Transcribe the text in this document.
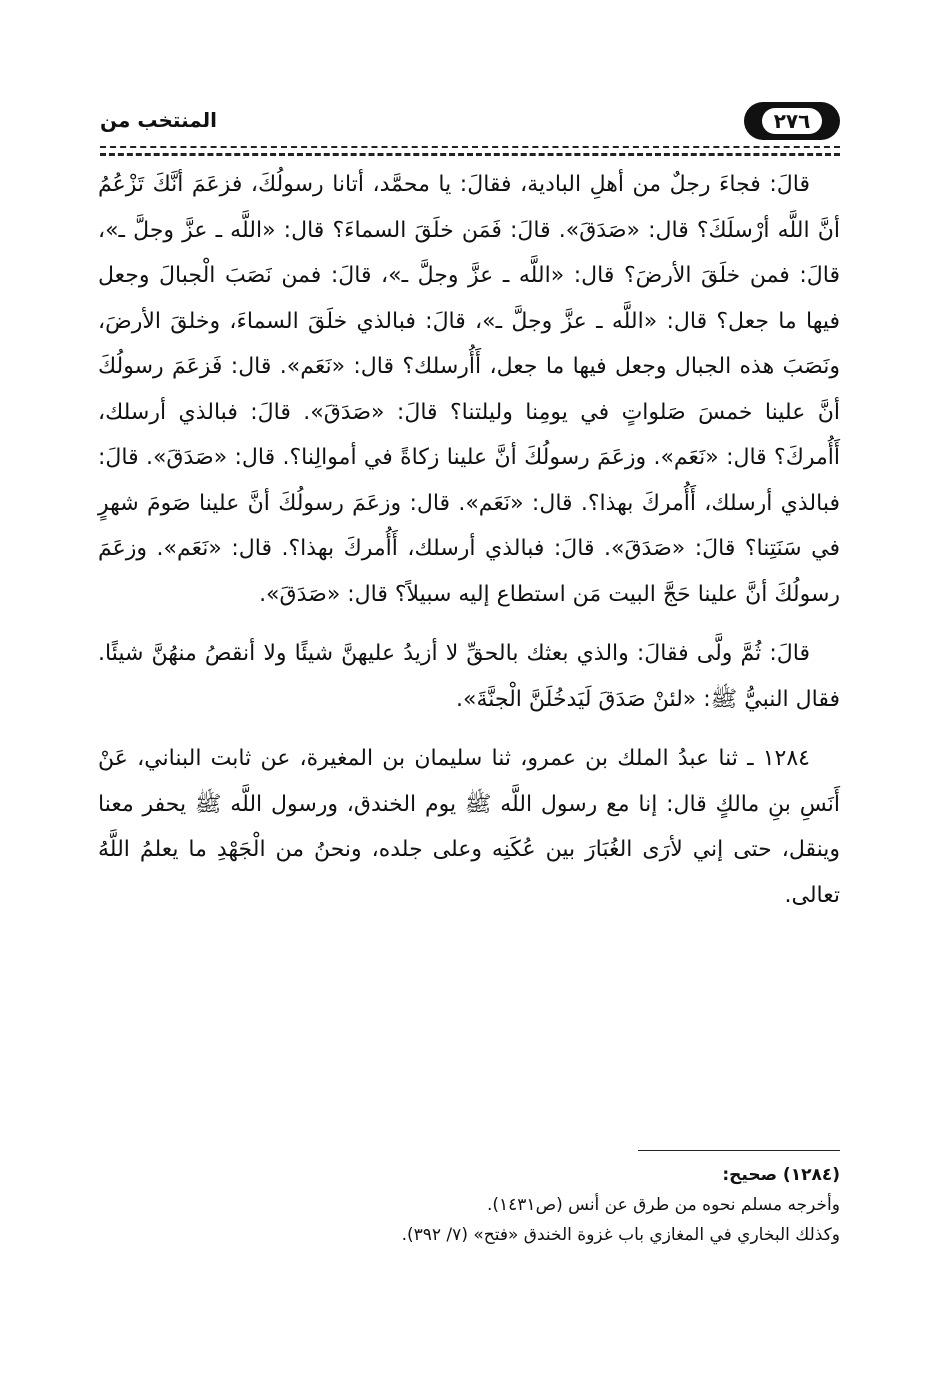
٢٧٦
المنتخب من

قالَ: فجاءَ رجلٌ من أهلِ البادية، فقالَ: يا محمَّد، أتانا رسولُكَ، فزعَمَ أنَّكَ تَزْعُمُ أنَّ اللَّه أرْسلَكَ؟ قال: «صَدَقَ». قالَ: فَمَن خلَقَ السماءَ؟ قال: «اللَّه ـ عزَّ وجلَّ ـ»، قالَ: فمن خلَقَ الأرضَ؟ قال: «اللَّه ـ عزَّ وجلَّ ـ»، قالَ: فمن نَصَبَ الْجبالَ وجعل فيها ما جعل؟ قال: «اللَّه ـ عزَّ وجلَّ ـ»، قالَ: فبالذي خلَقَ السماءَ، وخلقَ الأرضَ، ونَصَبَ هذه الجبال وجعل فيها ما جعل، أَأُرسلك؟ قال: «نَعَم». قال: فَزعَمَ رسولُكَ أنَّ علينا خمسَ صَلواتٍ في يومِنا وليلتنا؟ قالَ: «صَدَقَ». قالَ: فبالذي أرسلك، أَأُمركَ؟ قال: «نَعَم». وزعَمَ رسولُكَ أنَّ علينا زكاةً في أموالِنا؟. قال: «صَدَقَ». قالَ: فبالذي أرسلك، أَأُمركَ بهذا؟. قال: «نَعَم». قال: وزعَمَ رسولُكَ أنَّ علينا صَومَ شهرٍ في سَنَتِنا؟ قالَ: «صَدَقَ». قالَ: فبالذي أرسلك، أَأُمركَ بهذا؟. قال: «نَعَم». وزعَمَ رسولُكَ أنَّ علينا حَجَّ البيت مَن استطاع إليه سبيلاً؟ قال: «صَدَقَ».

قالَ: ثُمَّ ولَّى فقالَ: والذي بعثك بالحقِّ لا أزيدُ عليهنَّ شيئًا ولا أنقصُ منهُنَّ شيئًا. فقال النبيُّ ﷺ: «لئنْ صَدَقَ لَيَدخُلَنَّ الْجنَّةَ».

١٢٨٤ ـ ثنا عبدُ الملك بن عمرو، ثنا سليمان بن المغيرة، عن ثابت البناني، عَنْ أَنَسِ بنِ مالكٍ قال: إنا مع رسول اللَّه ﷺ يوم الخندق، ورسول اللَّه ﷺ يحفر معنا وينقل، حتى إني لأرَى الغُبَارَ بين عُكَنِه وعلى جلده، ونحنُ من الْجَهْدِ ما يعلمُ اللَّهُ تعالى.

(١٢٨٤) صحيح:
وأخرجه مسلم نحوه من طرق عن أنس (ص١٤٣١).
وكذلك البخاري في المغازي باب غزوة الخندق «فتح» (٧/ ٣٩٢).
